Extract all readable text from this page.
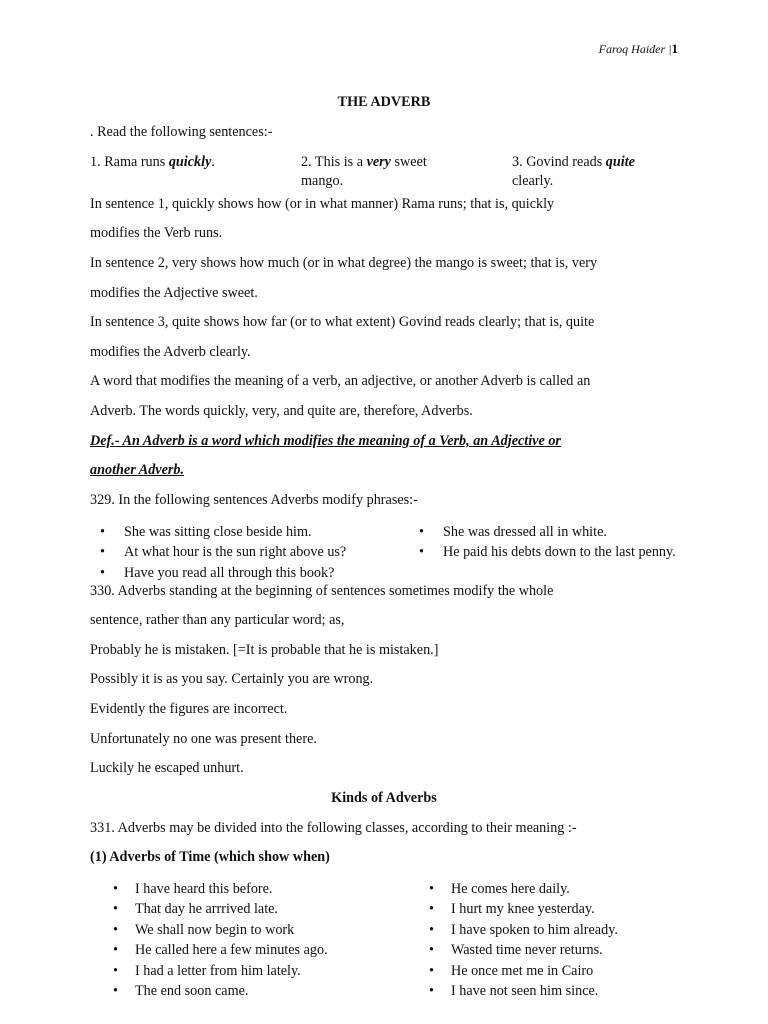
Faroq Haider |1
THE ADVERB
. Read the following sentences:-
1. Rama runs quickly.	2. This is a very sweet mango.
3. Govind reads quite clearly.
In sentence 1, quickly shows how (or in what manner) Rama runs; that is, quickly
modifies the Verb runs.
In sentence 2, very shows how much (or in what degree) the mango is sweet; that is, very
modifies the Adjective sweet.
In sentence 3, quite shows how far (or to what extent) Govind reads clearly; that is, quite
modifies the Adverb clearly.
A word that modifies the meaning of a verb, an adjective, or another Adverb is called an
Adverb. The words quickly, very, and quite are, therefore, Adverbs.
Def.- An Adverb is a word which modifies the meaning of a Verb, an Adjective or
another Adverb.
329. In the following sentences Adverbs modify phrases:-
• She was sitting close beside him.
• At what hour is the sun right above us?
• Have you read all through this book?
• She was dressed all in white.
• He paid his debts down to the last penny.
330. Adverbs standing at the beginning of sentences sometimes modify the whole
sentence, rather than any particular word; as,
Probably he is mistaken. [=It is probable that he is mistaken.]
Possibly it is as you say. Certainly you are wrong.
Evidently the figures are incorrect.
Unfortunately no one was present there.
Luckily he escaped unhurt.
Kinds of Adverbs
331. Adverbs may be divided into the following classes, according to their meaning :-
(1) Adverbs of Time (which show when)
• I have heard this before.
• That day he arrrived late.
• We shall now begin to work
• He called here a few minutes ago.
• I had a letter from him lately.
• The end soon came.
• He comes here daily.
• I hurt my knee yesterday.
• I have spoken to him already.
• Wasted time never returns.
• He once met me in Cairo
• I have not seen him since.
